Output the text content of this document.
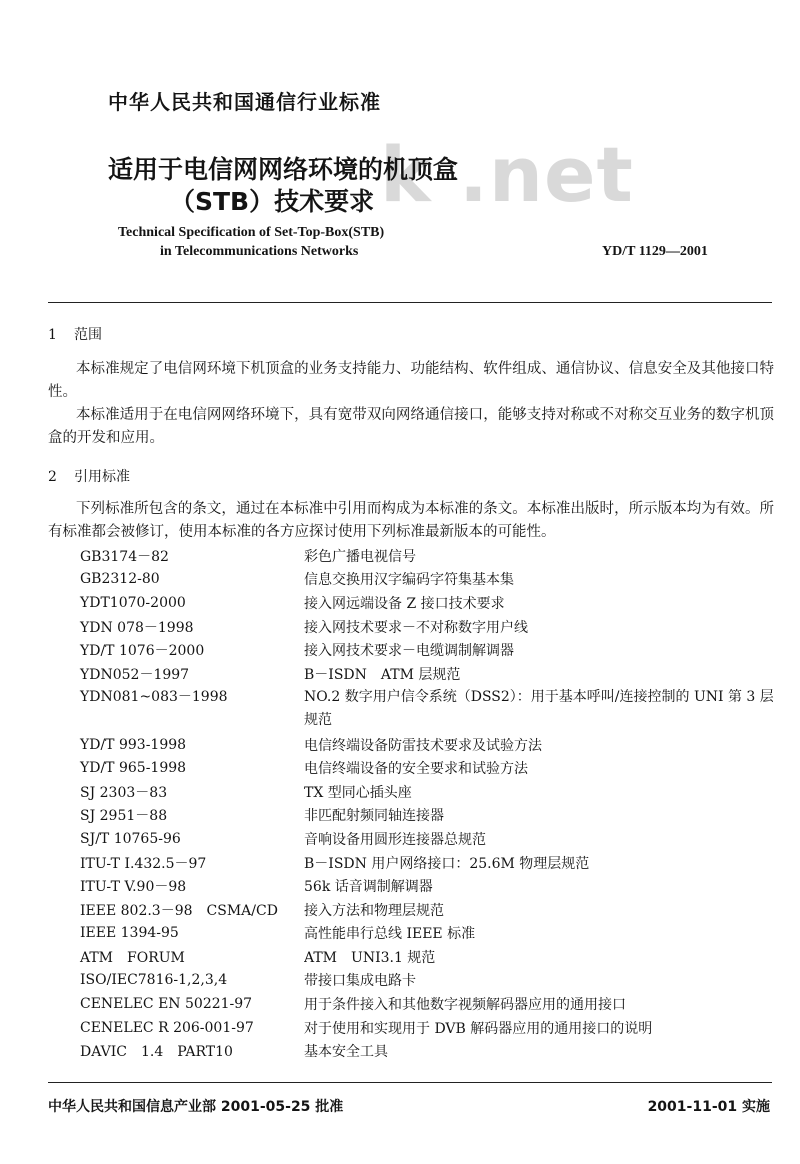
k .net
中华人民共和国通信行业标准
适用于电信网网络环境的机顶盒
（STB）技术要求
Technical Specification of Set-Top-Box(STB)
in Telecommunications Networks	YD/T 1129—2001
1 范围
本标准规定了电信网环境下机顶盒的业务支持能力、功能结构、软件组成、通信协议、信息安全及其他接口特性。
本标准适用于在电信网网络环境下，具有宽带双向网络通信接口，能够支持对称或不对称交互业务的数字机顶盒的开发和应用。
2 引用标准
下列标准所包含的条文，通过在本标准中引用而构成为本标准的条文。本标准出版时，所示版本均为有效。所有标准都会被修订，使用本标准的各方应探讨使用下列标准最新版本的可能性。
GB3174－82	彩色广播电视信号
GB2312-80	信息交换用汉字编码字符集基本集
YDT1070-2000	接入网远端设备 Z 接口技术要求
YDN 078－1998	接入网技术要求－不对称数字用户线
YD/T 1076－2000	接入网技术要求－电缆调制解调器
YDN052－1997	B－ISDN　ATM 层规范
YDN081~083－1998	NO.2 数字用户信令系统（DSS2）：用于基本呼叫/连接控制的 UNI 第 3 层规范
YD/T 993-1998	电信终端设备防雷技术要求及试验方法
YD/T 965-1998	电信终端设备的安全要求和试验方法
SJ 2303－83	TX 型同心插头座
SJ 2951－88	非匹配射频同轴连接器
SJ/T 10765-96	音响设备用圆形连接器总规范
ITU-T I.432.5－97	B－ISDN 用户网络接口：25.6M 物理层规范
ITU-T V.90－98	56k 话音调制解调器
IEEE 802.3－98　CSMA/CD	接入方法和物理层规范
IEEE 1394-95	高性能串行总线 IEEE 标准
ATM　FORUM	ATM　UNI3.1 规范
ISO/IEC7816-1,2,3,4	带接口集成电路卡
CENELEC EN 50221-97	用于条件接入和其他数字视频解码器应用的通用接口
CENELEC R 206-001-97	对于使用和实现用于 DVB 解码器应用的通用接口的说明
DAVIC　1.4　PART10	基本安全工具
中华人民共和国信息产业部 2001-05-25 批准	2001-11-01 实施
